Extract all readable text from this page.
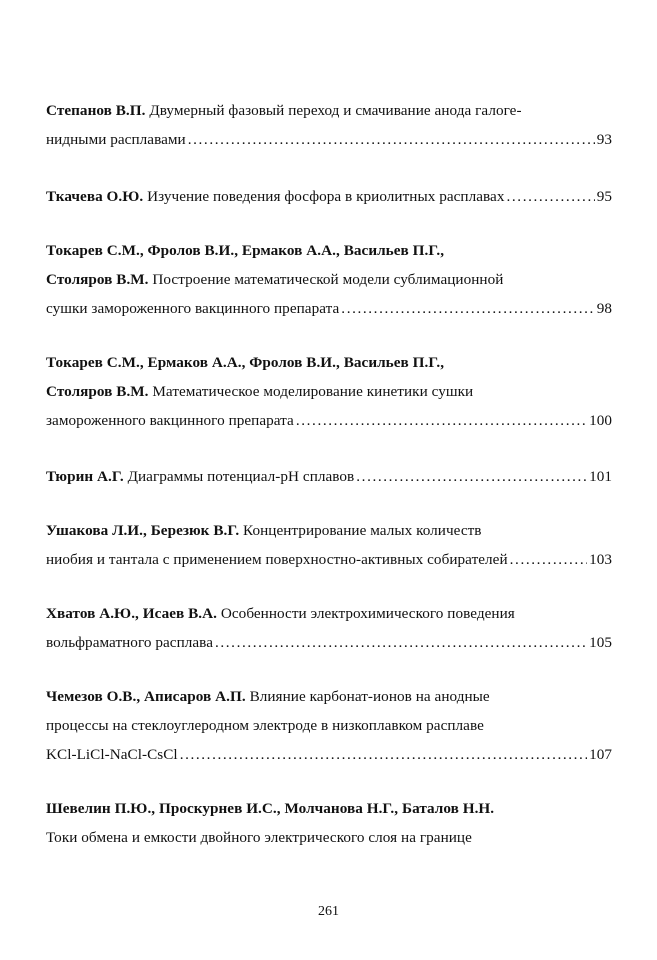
Степанов В.П. Двумерный фазовый переход и смачивание анода галоге-
нидными расплавами .....	93
Ткачева О.Ю. Изучение поведения фосфора в криолитных расплавах .....	95
Токарев С.М., Фролов В.И., Ермаков А.А., Васильев П.Г.,
Столяров В.М. Построение математической модели сублимационной
сушки замороженного вакцинного препарата .....	98
Токарев С.М., Ермаков А.А., Фролов В.И., Васильев П.Г.,
Столяров В.М. Математическое моделирование кинетики сушки
замороженного вакцинного препарата .....	100
Тюрин А.Г. Диаграммы потенциал-pH сплавов .....	101
Ушакова Л.И., Березюк В.Г. Концентрирование малых количеств
ниобия и тантала с применением поверхностно-активных собирателей .....	103
Хватов А.Ю., Исаев В.А. Особенности электрохимического поведения
вольфраматного расплава .....	105
Чемезов О.В., Аписаров А.П. Влияние карбонат-ионов на анодные
процессы на стеклоуглеродном электроде в низкоплавком расплаве
KCl-LiCl-NaCl-CsCl .....	107
Шевелин П.Ю., Проскурнев И.С., Молчанова Н.Г., Баталов Н.Н.
Токи обмена и емкости двойного электрического слоя на границе
261
